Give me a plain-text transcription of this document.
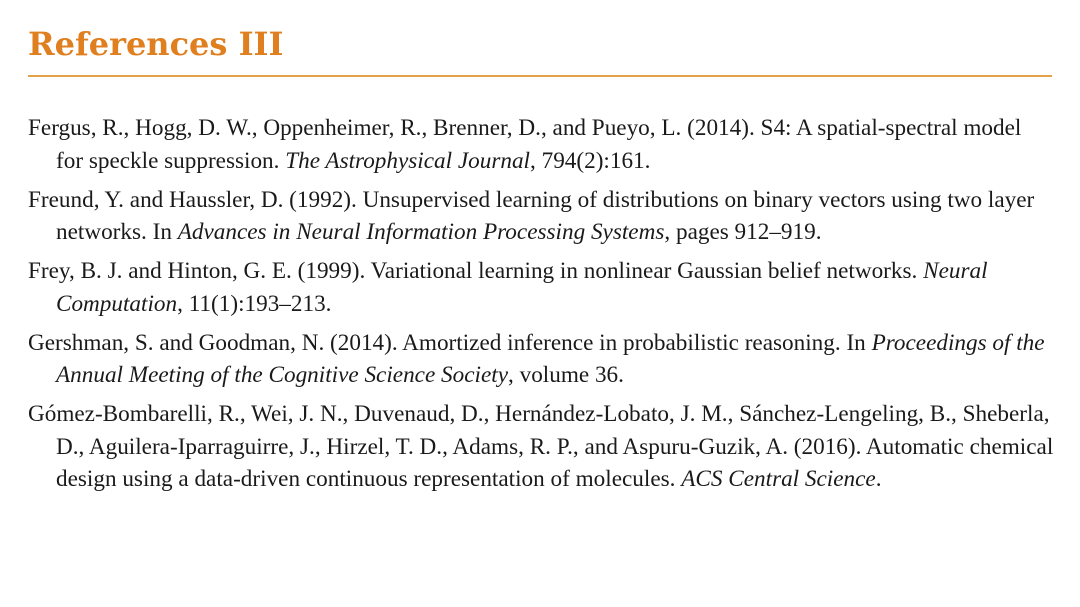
References III
Fergus, R., Hogg, D. W., Oppenheimer, R., Brenner, D., and Pueyo, L. (2014). S4: A spatial-spectral model for speckle suppression. The Astrophysical Journal, 794(2):161.
Freund, Y. and Haussler, D. (1992). Unsupervised learning of distributions on binary vectors using two layer networks. In Advances in Neural Information Processing Systems, pages 912–919.
Frey, B. J. and Hinton, G. E. (1999). Variational learning in nonlinear Gaussian belief networks. Neural Computation, 11(1):193–213.
Gershman, S. and Goodman, N. (2014). Amortized inference in probabilistic reasoning. In Proceedings of the Annual Meeting of the Cognitive Science Society, volume 36.
Gómez-Bombarelli, R., Wei, J. N., Duvenaud, D., Hernández-Lobato, J. M., Sánchez-Lengeling, B., Sheberla, D., Aguilera-Iparraguirre, J., Hirzel, T. D., Adams, R. P., and Aspuru-Guzik, A. (2016). Automatic chemical design using a data-driven continuous representation of molecules. ACS Central Science.
